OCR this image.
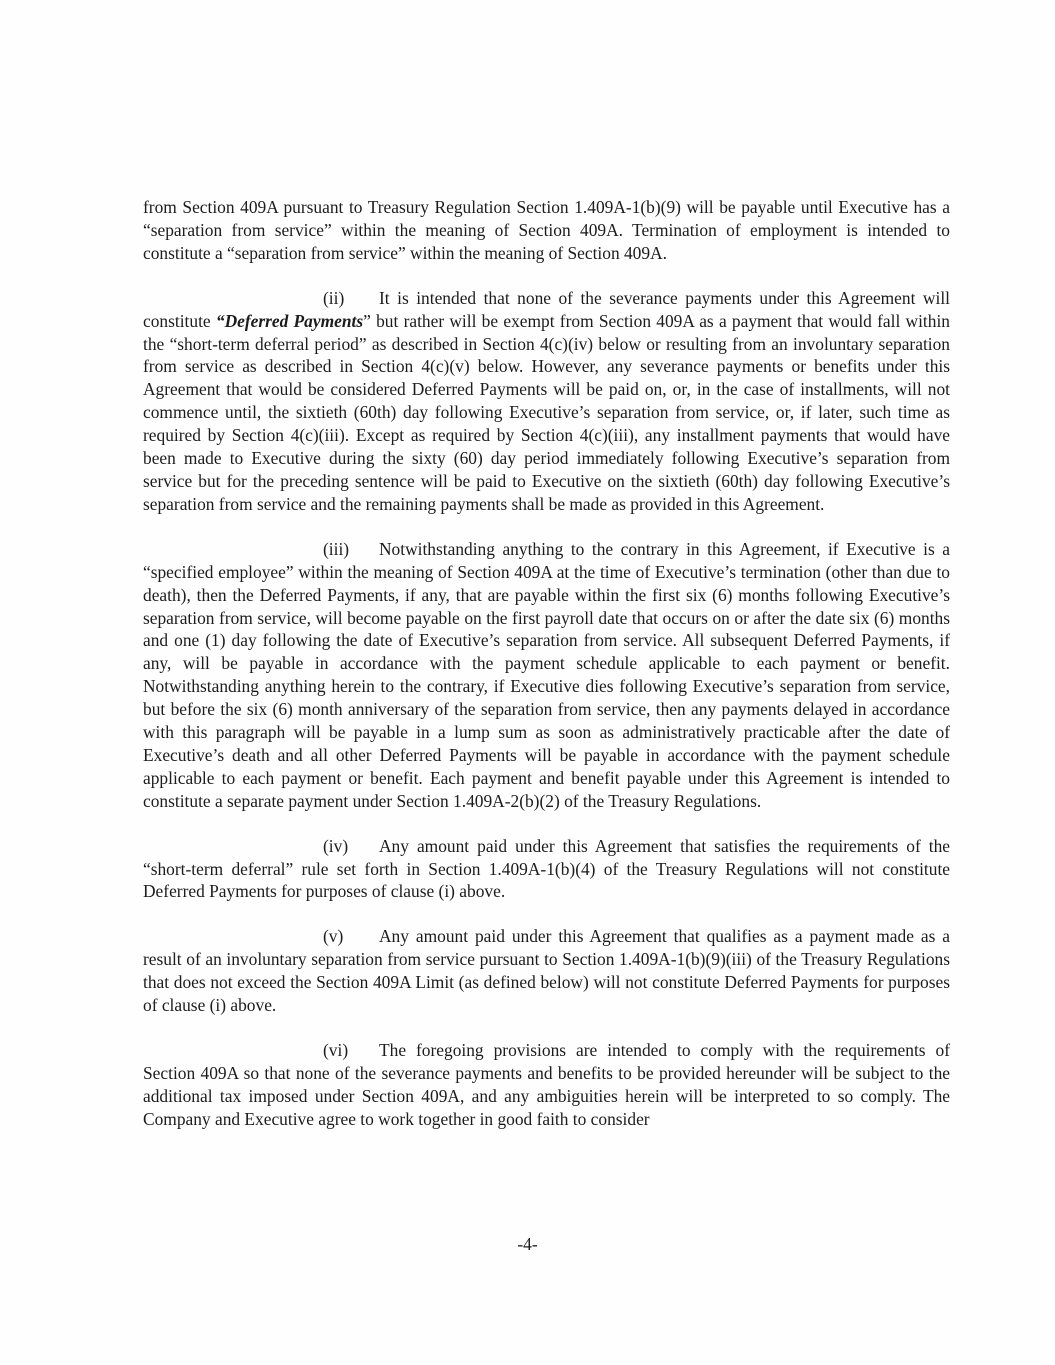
from Section 409A pursuant to Treasury Regulation Section 1.409A-1(b)(9) will be payable until Executive has a “separation from service” within the meaning of Section 409A. Termination of employment is intended to constitute a “separation from service” within the meaning of Section 409A.

(ii) It is intended that none of the severance payments under this Agreement will constitute “Deferred Payments” but rather will be exempt from Section 409A as a payment that would fall within the “short-term deferral period” as described in Section 4(c)(iv) below or resulting from an involuntary separation from service as described in Section 4(c)(v) below. However, any severance payments or benefits under this Agreement that would be considered Deferred Payments will be paid on, or, in the case of installments, will not commence until, the sixtieth (60th) day following Executive’s separation from service, or, if later, such time as required by Section 4(c)(iii). Except as required by Section 4(c)(iii), any installment payments that would have been made to Executive during the sixty (60) day period immediately following Executive’s separation from service but for the preceding sentence will be paid to Executive on the sixtieth (60th) day following Executive’s separation from service and the remaining payments shall be made as provided in this Agreement.

(iii) Notwithstanding anything to the contrary in this Agreement, if Executive is a “specified employee” within the meaning of Section 409A at the time of Executive’s termination (other than due to death), then the Deferred Payments, if any, that are payable within the first six (6) months following Executive’s separation from service, will become payable on the first payroll date that occurs on or after the date six (6) months and one (1) day following the date of Executive’s separation from service. All subsequent Deferred Payments, if any, will be payable in accordance with the payment schedule applicable to each payment or benefit. Notwithstanding anything herein to the contrary, if Executive dies following Executive’s separation from service, but before the six (6) month anniversary of the separation from service, then any payments delayed in accordance with this paragraph will be payable in a lump sum as soon as administratively practicable after the date of Executive’s death and all other Deferred Payments will be payable in accordance with the payment schedule applicable to each payment or benefit. Each payment and benefit payable under this Agreement is intended to constitute a separate payment under Section 1.409A-2(b)(2) of the Treasury Regulations.

(iv) Any amount paid under this Agreement that satisfies the requirements of the “short-term deferral” rule set forth in Section 1.409A-1(b)(4) of the Treasury Regulations will not constitute Deferred Payments for purposes of clause (i) above.

(v) Any amount paid under this Agreement that qualifies as a payment made as a result of an involuntary separation from service pursuant to Section 1.409A-1(b)(9)(iii) of the Treasury Regulations that does not exceed the Section 409A Limit (as defined below) will not constitute Deferred Payments for purposes of clause (i) above.

(vi) The foregoing provisions are intended to comply with the requirements of Section 409A so that none of the severance payments and benefits to be provided hereunder will be subject to the additional tax imposed under Section 409A, and any ambiguities herein will be interpreted to so comply. The Company and Executive agree to work together in good faith to consider

-4-
